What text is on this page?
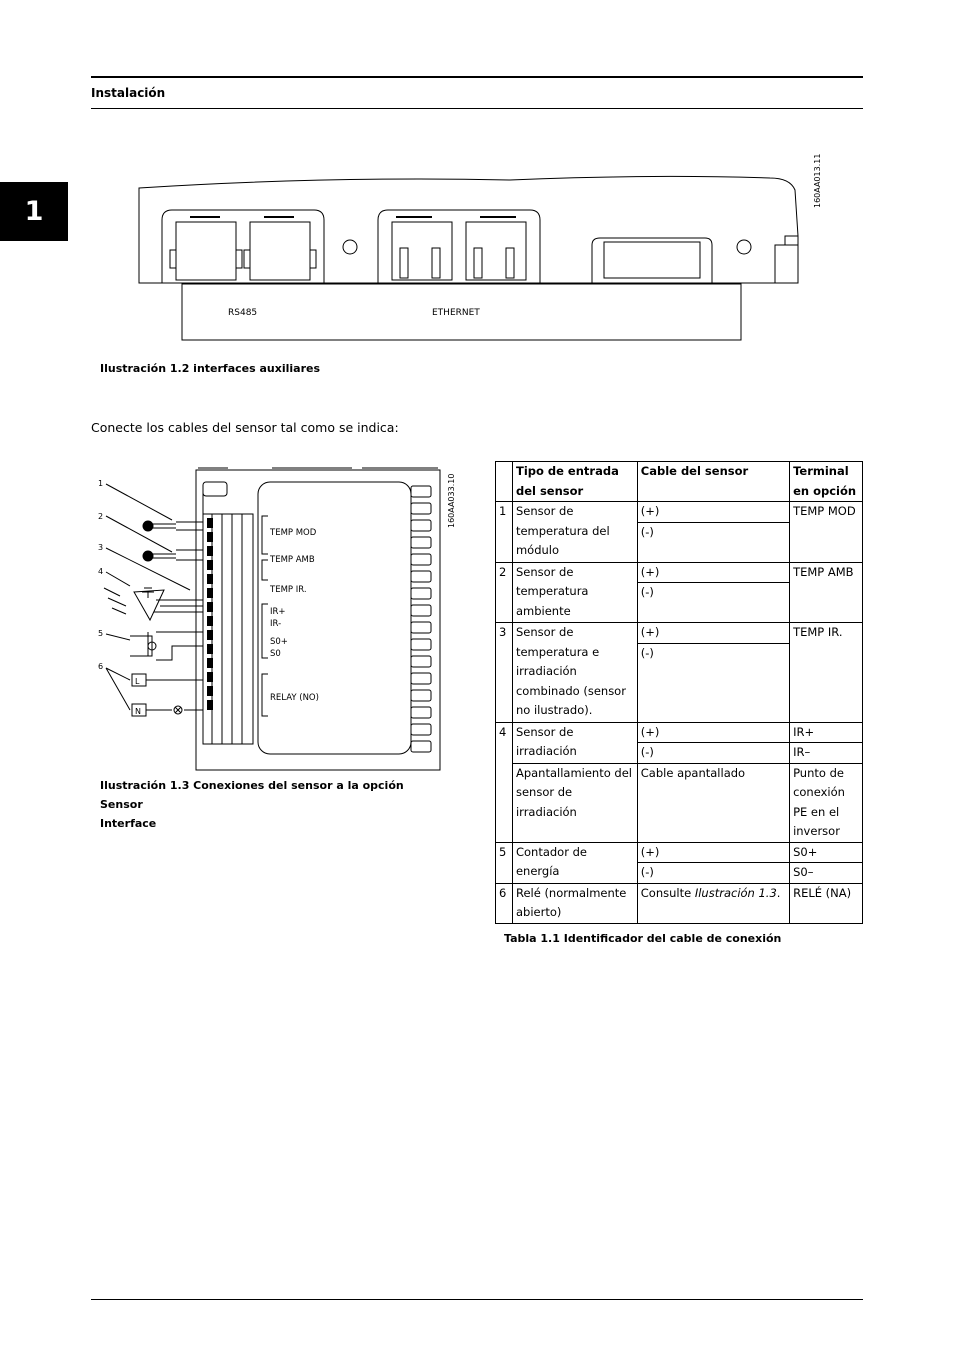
Instalación
1
RS485	ETHERNET
160AA013.11
Ilustración 1.2 interfaces auxiliares
Conecte los cables del sensor tal como se indica:
1
2
3
4
5
6
L
N
TEMP MOD
TEMP AMB
TEMP IR.
IR+
IR-
S0+
S0
RELAY (NO)
160AA033.10
Ilustración 1.3 Conexiones del sensor a la opción Sensor
Interface
	Tipo de entrada del sensor	Cable del sensor	Terminal en opción
1	Sensor de temperatura del módulo	(+)	TEMP MOD
		(-)	
2	Sensor de temperatura ambiente	(+)	TEMP AMB
		(-)	
3	Sensor de temperatura e irradiación combinado (sensor no ilustrado).	(+)	TEMP IR.
		(-)	
4	Sensor de irradiación	(+)	IR+
		(-)	IR–
	Apantallamiento del sensor de irradiación	Cable apantallado	Punto de conexión PE en el inversor
5	Contador de energía	(+)	S0+
		(-)	S0–
6	Relé (normalmente abierto)	Consulte Ilustración 1.3.	RELÉ (NA)
Tabla 1.1 Identificador del cable de conexión
